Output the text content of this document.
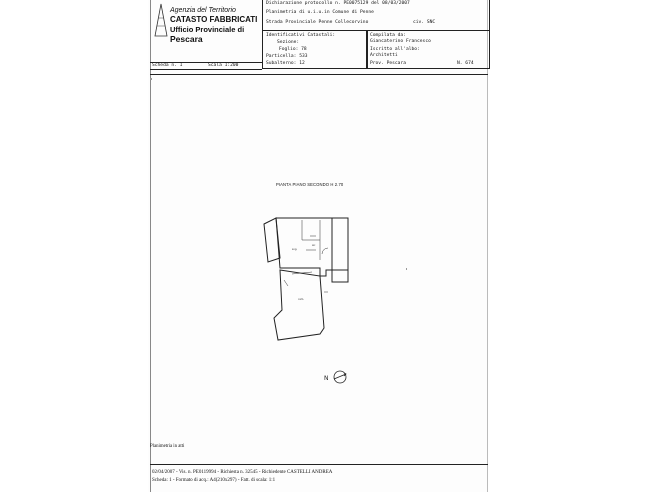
Agenzia del Territorio
CATASTO FABBRICATI
Ufficio Provinciale di
Pescara
Dichiarazione protocollo n. PE0075129 del 08/03/2007
Planimetria di u.i.u.in Comune di Penne
Strada Provinciale Penne Collecorvino	civ. SNC
Identificativi Catastali:
Sezione:
Foglio: 78
Particella: 533
Subalterno: 12
Compilata da:
Giancaterino Francesco
Iscritto all'albo:
Architetti
Prov. Pescara	N. 674
Scheda n. 1	Scala 1:200
PIANTA PIANO SECONDO H 2.70
sog.
wc
cam.
N
Planimetria in atti
02/04/2007 - Vis. n. PE0119994 - Richiesta n. 32545 - Richiedente CASTELLI ANDREA
Scheda: 1 - Formato di acq.: A4(210x297) - Fatt. di scala: 1:1
